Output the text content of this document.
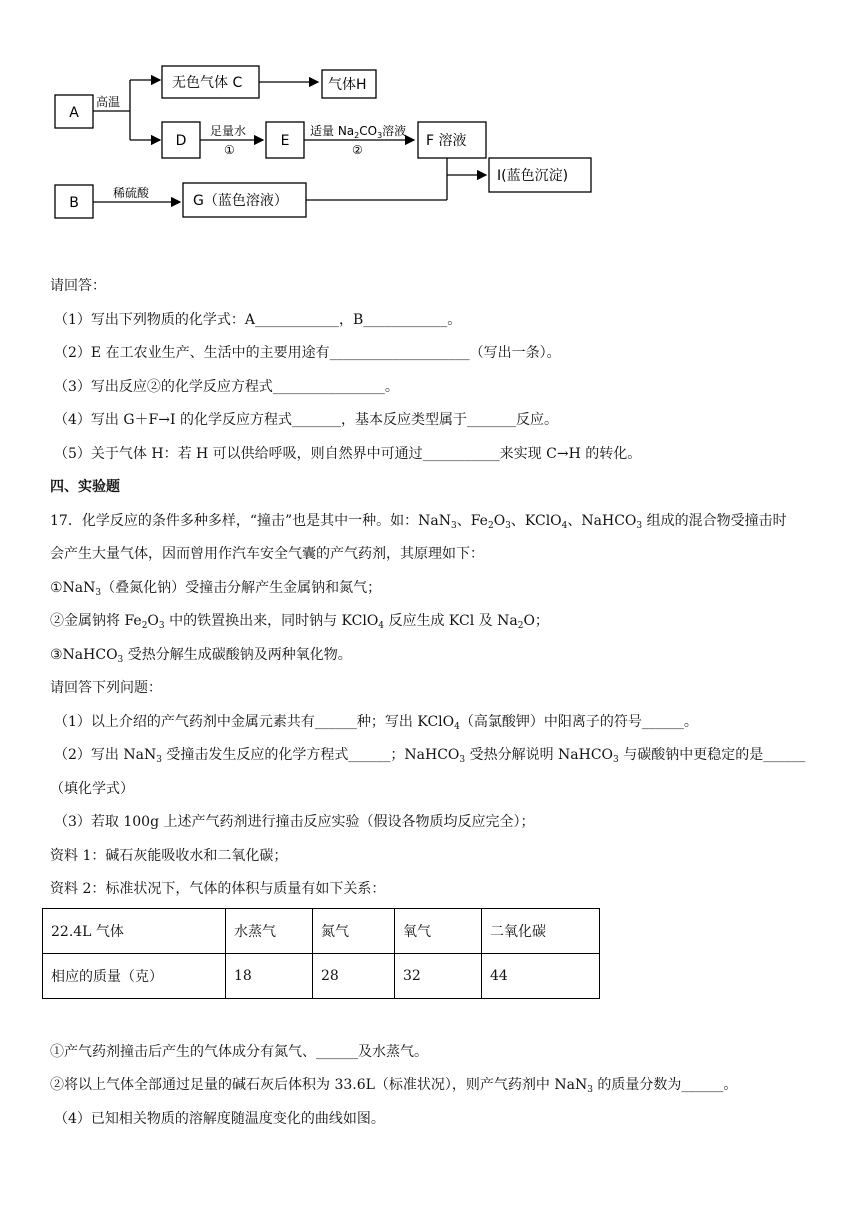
A
B
无色气体 C	气体H
D	E	F 溶液
G（蓝色溶液）
I(蓝色沉淀)
高温
足量水
①
适量 $Na_2CO_3$溶液
②
稀硫酸
请回答：
（1）写出下列物质的化学式：A____________，B____________。
（2）E 在工农业生产、生活中的主要用途有____________________（写出一条）。
（3）写出反应②的化学反应方程式________________。
（4）写出 G＋F→I 的化学反应方程式_______，基本反应类型属于_______反应。
（5）关于气体 H：若 H 可以供给呼吸，则自然界中可通过___________来实现 C→H 的转化。
四、实验题
17．化学反应的条件多种多样，“撞击”也是其中一种。如：NaN$_3$、$Fe_2O_3$、KClO$_4$、NaHCO$_3$ 组成的混合物受撞击时
会产生大量气体，因而曾用作汽车安全气囊的产气药剂，其原理如下：
①NaN$_3$（叠氮化钠）受撞击分解产生金属钠和氮气；
②金属钠将 $Fe_2O_3$ 中的铁置换出来，同时钠与 KClO$_4$ 反应生成 KCl 及 $Na_2O$；
③NaHCO$_3$ 受热分解生成碳酸钠及两种氧化物。
请回答下列问题：
（1）以上介绍的产气药剂中金属元素共有______种；写出 KClO$_4$（高氯酸钾）中阳离子的符号______。
（2）写出 NaN$_3$ 受撞击发生反应的化学方程式______；NaHCO$_3$ 受热分解说明 NaHCO$_3$ 与碳酸钠中更稳定的是______
（填化学式）
（3）若取 100g 上述产气药剂进行撞击反应实验（假设各物质均反应完全）；
资料 1：碱石灰能吸收水和二氧化碳；
资料 2：标准状况下，气体的体积与质量有如下关系：
22.4L 气体	水蒸气	氮气	氧气	二氧化碳
相应的质量（克）	18	28	32	44
①产气药剂撞击后产生的气体成分有氮气、______及水蒸气。
②将以上气体全部通过足量的碱石灰后体积为 33.6L（标准状况），则产气药剂中 NaN$_3$ 的质量分数为______。
（4）已知相关物质的溶解度随温度变化的曲线如图。
